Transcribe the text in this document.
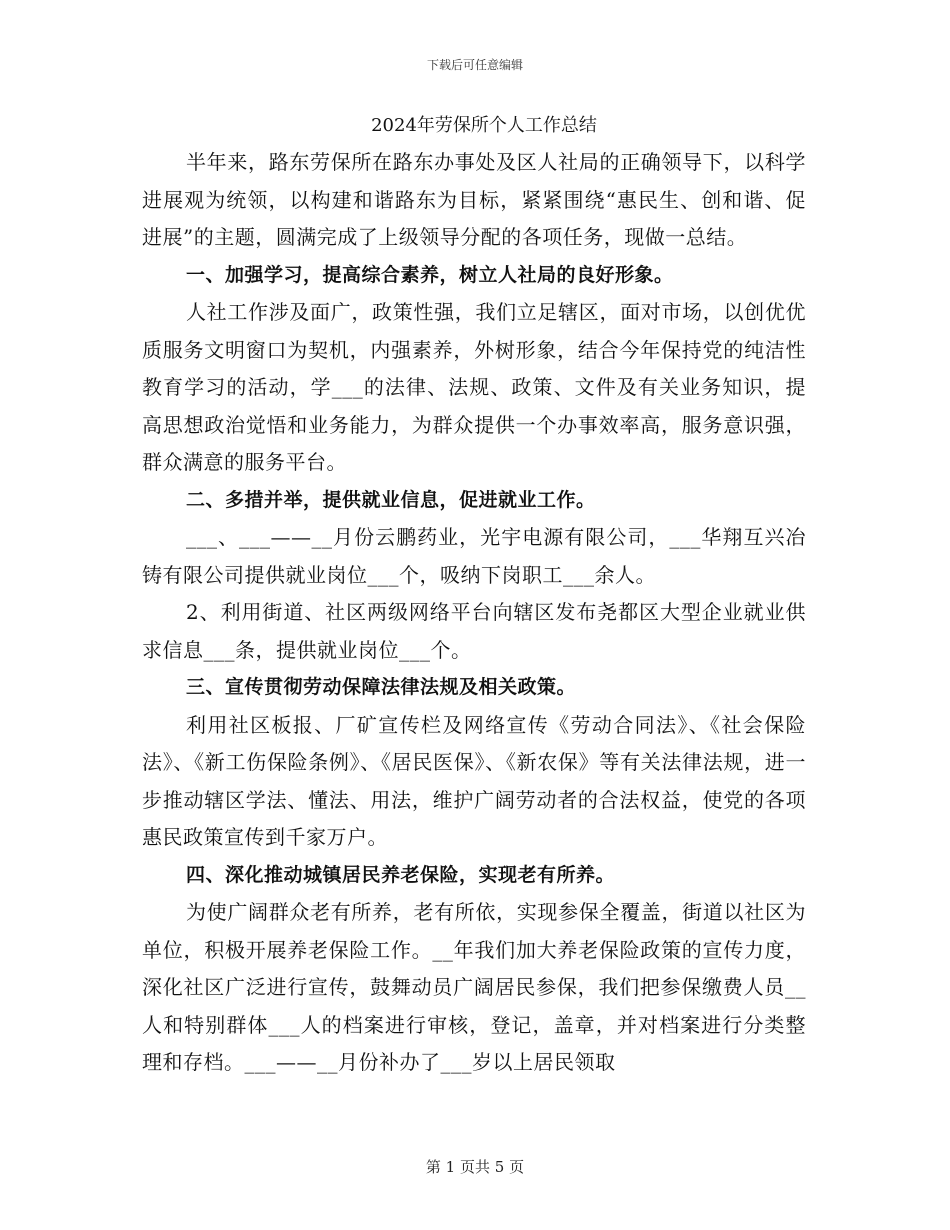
下载后可任意编辑
2024年劳保所个人工作总结

半年来，路东劳保所在路东办事处及区人社局的正确领导下，以科学进展观为统领，以构建和谐路东为目标，紧紧围绕“惠民生、创和谐、促进展”的主题，圆满完成了上级领导分配的各项任务，现做一总结。

一、加强学习，提高综合素养，树立人社局的良好形象。

人社工作涉及面广，政策性强，我们立足辖区，面对市场，以创优优质服务文明窗口为契机，内强素养，外树形象，结合今年保持党的纯洁性教育学习的活动，学___的法律、法规、政策、文件及有关业务知识，提高思想政治觉悟和业务能力，为群众提供一个办事效率高，服务意识强，群众满意的服务平台。

二、多措并举，提供就业信息，促进就业工作。

___、___——__月份云鹏药业，光宇电源有限公司，___华翔互兴冶铸有限公司提供就业岗位___个，吸纳下岗职工___余人。

2、利用街道、社区两级网络平台向辖区发布尧都区大型企业就业供求信息___条，提供就业岗位___个。

三、宣传贯彻劳动保障法律法规及相关政策。

利用社区板报、厂矿宣传栏及网络宣传《劳动合同法》、《社会保险法》、《新工伤保险条例》、《居民医保》、《新农保》等有关法律法规，进一步推动辖区学法、懂法、用法，维护广阔劳动者的合法权益，使党的各项惠民政策宣传到千家万户。

四、深化推动城镇居民养老保险，实现老有所养。

为使广阔群众老有所养，老有所依，实现参保全覆盖，街道以社区为单位，积极开展养老保险工作。__年我们加大养老保险政策的宣传力度，深化社区广泛进行宣传，鼓舞动员广阔居民参保，我们把参保缴费人员__人和特别群体___人的档案进行审核，登记，盖章，并对档案进行分类整理和存档。___——__月份补办了___岁以上居民领取

第 1 页共 5 页
